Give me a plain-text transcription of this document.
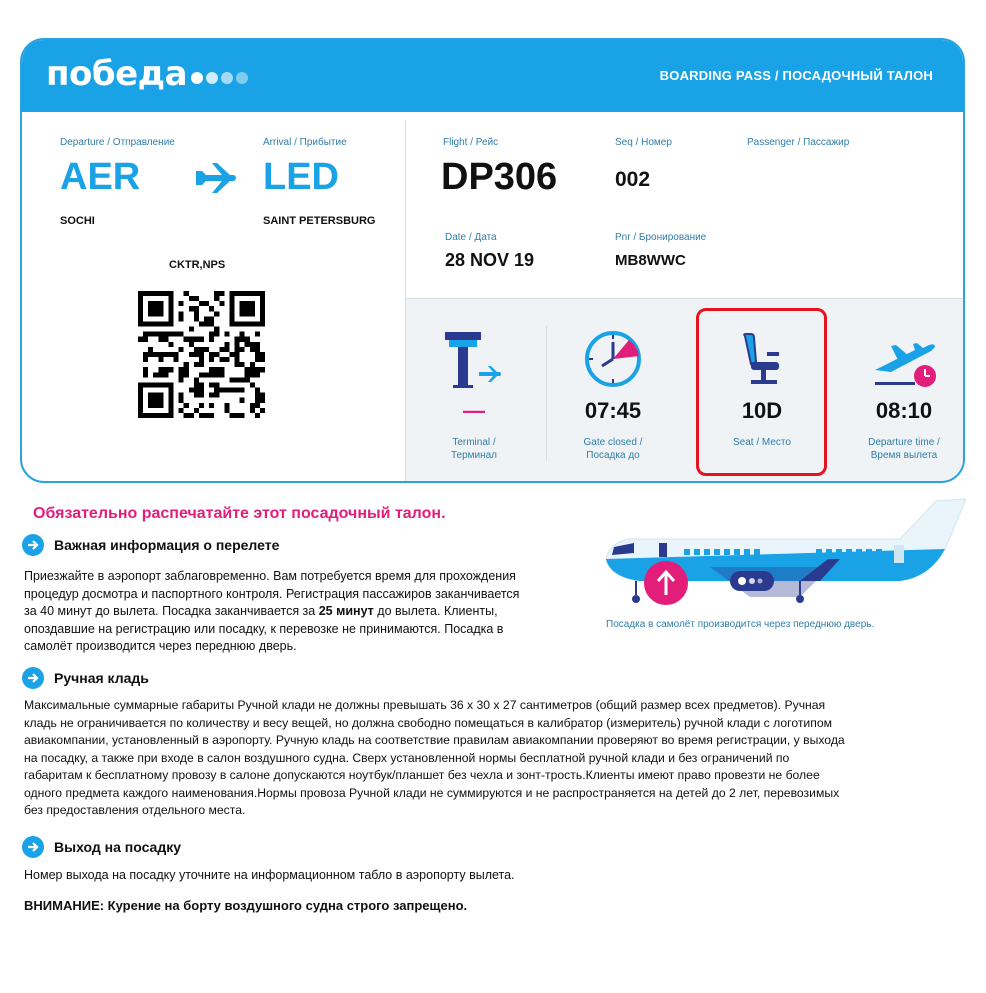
победа	BOARDING PASS / ПОСАДОЧНЫЙ ТАЛОН
Departure / Отправление	Arrival / Прибытие
AER	LED
SOCHI	SAINT PETERSBURG
CKTR,NPS
Flight / Рейс
DP306
Seq / Номер
002
Passenger / Пассажир
Date / Дата
28 NOV 19
Pnr / Бронирование
MB8WWC
—
Terminal /
Терминал
07:45
Gate closed /
Посадка до
10D
Seat / Место
08:10
Departure time /
Время вылета
Обязательно распечатайте этот посадочный талон.
Важная информация о перелете
Приезжайте в аэропорт заблаговременно. Вам потребуется время для прохождения
процедур досмотра и паспортного контроля. Регистрация пассажиров заканчивается
за 40 минут до вылета. Посадка заканчивается за 25 минут до вылета. Клиенты,
опоздавшие на регистрацию или посадку, к перевозке не принимаются. Посадка в
самолёт производится через переднюю дверь.
Посадка в самолёт производится через переднюю дверь.
Ручная кладь
Максимальные суммарные габариты Ручной клади не должны превышать 36 х 30 х 27 сантиметров (общий размер всех предметов). Ручная
кладь не ограничивается по количеству и весу вещей, но должна свободно помещаться в калибратор (измеритель) ручной клади с логотипом
авиакомпании, установленный в аэропорту. Ручную кладь на соответствие правилам авиакомпании проверяют во время регистрации, у выхода
на посадку, а также при входе в салон воздушного судна. Сверх установленной нормы бесплатной ручной клади и без ограничений по
габаритам к бесплатному провозу в салоне допускаются ноутбук/планшет без чехла и зонт-трость.Клиенты имеют право провезти не более
одного предмета каждого наименования.Нормы провоза Ручной клади не суммируются и не распространяется на детей до 2 лет, перевозимых
без предоставления отдельного места.
Выход на посадку
Номер выхода на посадку уточните на информационном табло в аэропорту вылета.
ВНИМАНИЕ: Курение на борту воздушного судна строго запрещено.
